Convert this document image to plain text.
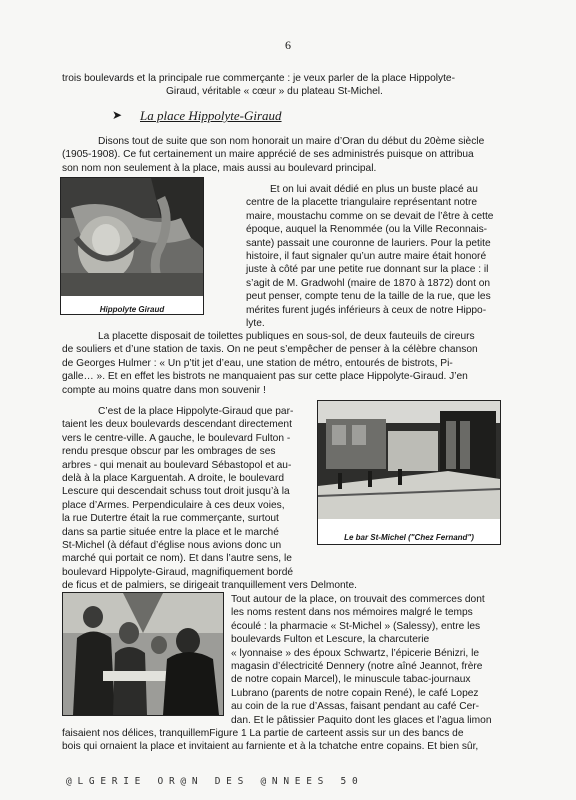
6
trois boulevards et la principale rue commerçante : je veux parler de la place Hippolyte-
Giraud, véritable « cœur » du plateau St-Michel.
➤ La place Hippolyte-Giraud
Disons tout de suite que son nom honorait un maire d’Oran du début du 20ème siècle
(1905-1908). Ce fut certainement un maire apprécié de ses administrés puisque on attribua
son nom non seulement à la place, mais aussi au boulevard principal.
Hippolyte Giraud
Et on lui avait dédié en plus un buste placé au
centre de la placette triangulaire représentant notre
maire, moustachu comme on se devait de l’être à cette
époque, auquel la Renommée (ou la Ville Reconnais-
sante) passait une couronne de lauriers. Pour la petite
histoire, il faut signaler qu’un autre maire était honoré
juste à côté par une petite rue donnant sur la place : il
s’agit de M. Gradwohl (maire de 1870 à 1872) dont on
peut penser, compte tenu de la taille de la rue, que les
mérites furent jugés inférieurs à ceux de notre Hippo-
lyte.
La placette disposait de toilettes publiques en sous-sol, de deux fauteuils de cireurs
de souliers et d’une station de taxis. On ne peut s’empêcher de penser à la célèbre chanson
de Georges Hulmer : « Un p’tit jet d’eau, une station de métro, entourés de bistrots, Pi-
galle… ». Et en effet les bistrots ne manquaient pas sur cette place Hippolyte-Giraud. J’en
compte au moins quatre dans mon souvenir !
C’est de la place Hippolyte-Giraud que par-
taient les deux boulevards descendant directement
vers le centre-ville. A gauche, le boulevard Fulton -
rendu presque obscur par les ombrages de ses
arbres - qui menait au boulevard Sébastopol et au-
delà à la place Karguentah. A droite, le boulevard
Lescure qui descendait schuss tout droit jusqu’à la
place d’Armes. Perpendiculaire à ces deux voies,
la rue Dutertre était la rue commerçante, surtout
dans sa partie située entre la place et le marché
St-Michel (à défaut d’église nous avions donc un
marché qui portait ce nom). Et dans l’autre sens, le
boulevard Hippolyte-Giraud, magnifiquement bordé
de ficus et de palmiers, se dirigeait tranquillement vers Delmonte.
Le bar St-Michel ("Chez Fernand")
Tout autour de la place, on trouvait des commerces dont
les noms restent dans nos mémoires malgré le temps
écoulé : la pharmacie « St-Michel » (Salessy), entre les
boulevards Fulton et Lescure, la charcuterie
« lyonnaise » des époux Schwartz, l’épicerie Bénizri, le
magasin d’électricité Dennery (notre aîné Jeannot, frère
de notre copain Marcel), le minuscule tabac-journaux
Lubrano (parents de notre copain René), le café Lopez
au coin de la rue d’Assas, faisant pendant au café Cer-
dan. Et le pâtissier Paquito dont les glaces et l’agua limon
faisaient nos délices, tranquillemFigure 1 La partie de carteent assis sur un des bancs de
bois qui ornaient la place et invitaient au farniente et à la tchatche entre copains. Et bien sûr,
@ L G E R I E   O R @ N   D E S   @ N N E E S   5 0
